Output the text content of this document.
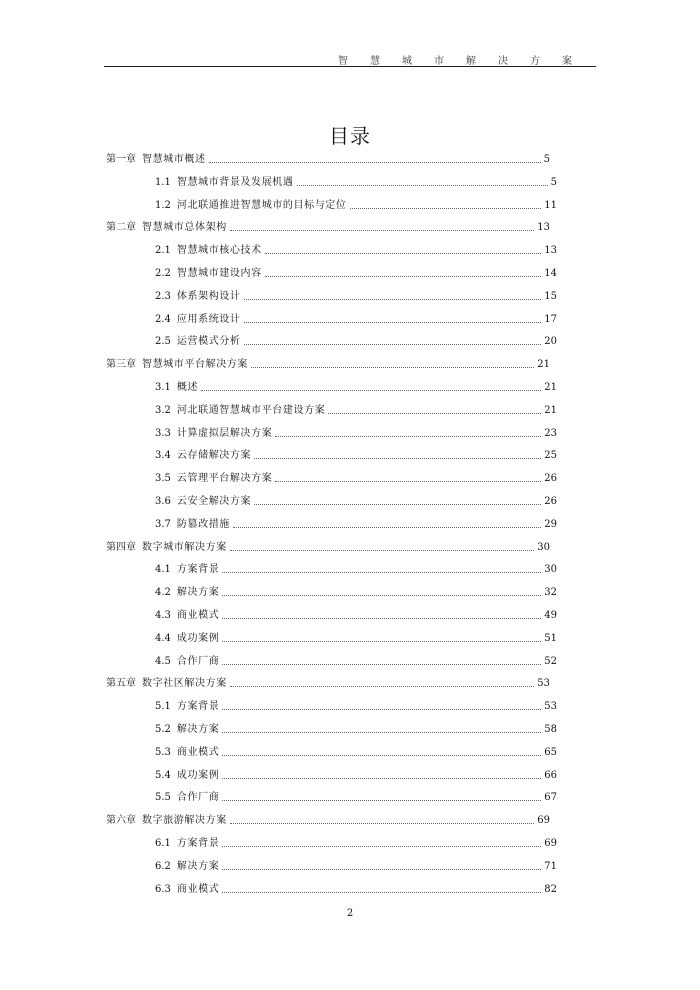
智慧城市解决方案
目录
第一章 智慧城市概述	5
1.1 智慧城市背景及发展机遇	5
1.2 河北联通推进智慧城市的目标与定位	11
第二章 智慧城市总体架构	13
2.1 智慧城市核心技术	13
2.2 智慧城市建设内容	14
2.3 体系架构设计	15
2.4 应用系统设计	17
2.5 运营模式分析	20
第三章 智慧城市平台解决方案	21
3.1 概述	21
3.2 河北联通智慧城市平台建设方案	21
3.3 计算虚拟层解决方案	23
3.4 云存储解决方案	25
3.5 云管理平台解决方案	26
3.6 云安全解决方案	26
3.7 防篡改措施	29
第四章 数字城市解决方案	30
4.1 方案背景	30
4.2 解决方案	32
4.3 商业模式	49
4.4 成功案例	51
4.5 合作厂商	52
第五章 数字社区解决方案	53
5.1 方案背景	53
5.2 解决方案	58
5.3 商业模式	65
5.4 成功案例	66
5.5 合作厂商	67
第六章 数字旅游解决方案	69
6.1 方案背景	69
6.2 解决方案	71
6.3 商业模式	82
2
